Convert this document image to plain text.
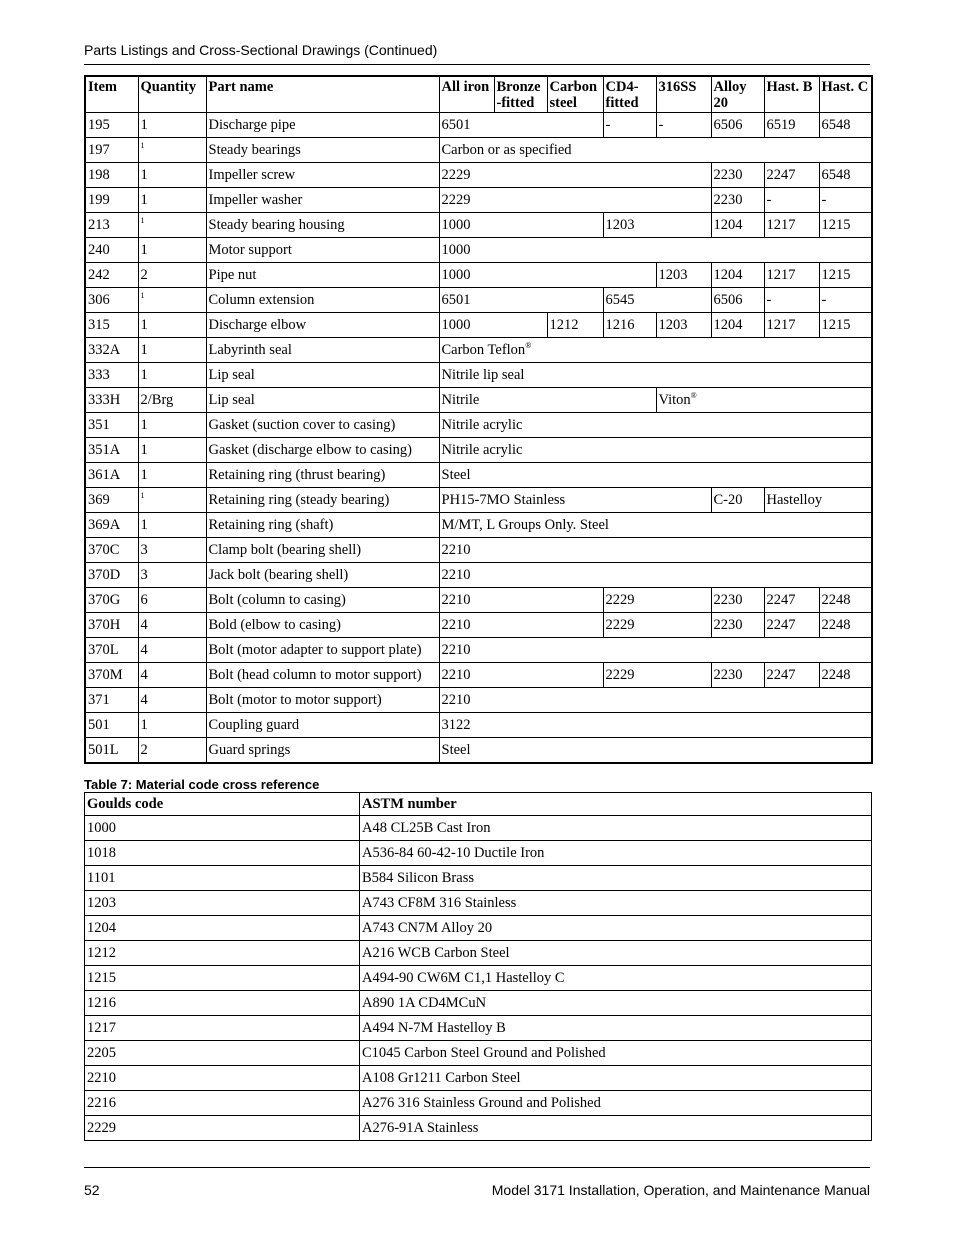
Parts Listings and Cross-Sectional Drawings (Continued)
Item	Quantity	Part name	All iron	Bronze -fitted	Carbon steel	CD4- fitted	316SS	Alloy 20	Hast. B	Hast. C
195	1	Discharge pipe	6501			-	-	6506	6519	6548
197	$^1$	Steady bearings	Carbon or as specified							
198	1	Impeller screw	2229					2230	2247	6548
199	1	Impeller washer	2229					2230	-	-
213	$^1$	Steady bearing housing	1000			1203		1204	1217	1215
240	1	Motor support	1000							
242	2	Pipe nut	1000				1203	1204	1217	1215
306	$^1$	Column extension	6501			6545		6506	-	-
315	1	Discharge elbow	1000		1212	1216	1203	1204	1217	1215
332A	1	Labyrinth seal	Carbon Teflon®
333	1	Lip seal	Nitrile lip seal							
333H	2/Brg	Lip seal	Nitrile				Viton®
351	1	Gasket (suction cover to casing)	Nitrile acrylic							
351A	1	Gasket (discharge elbow to casing)	Nitrile acrylic							
361A	1	Retaining ring (thrust bearing)	Steel							
369	$^1$	Retaining ring (steady bearing)	PH15-7MO Stainless					C-20	Hastelloy	
369A	1	Retaining ring (shaft)	M/MT, L Groups Only. Steel							
370C	3	Clamp bolt (bearing shell)	2210							
370D	3	Jack bolt (bearing shell)	2210							
370G	6	Bolt (column to casing)	2210			2229		2230	2247	2248
370H	4	Bold (elbow to casing)	2210			2229		2230	2247	2248
370L	4	Bolt (motor adapter to support plate)	2210							
370M	4	Bolt (head column to motor support)	2210			2229		2230	2247	2248
371	4	Bolt (motor to motor support)	2210							
501	1	Coupling guard	3122							
501L	2	Guard springs	Steel							
Table 7: Material code cross reference
Goulds code	ASTM number
1000	A48 CL25B Cast Iron
1018	A536-84 60-42-10 Ductile Iron
1101	B584 Silicon Brass
1203	A743 CF8M 316 Stainless
1204	A743 CN7M Alloy 20
1212	A216 WCB Carbon Steel
1215	A494-90 CW6M C1,1 Hastelloy C
1216	A890 1A CD4MCuN
1217	A494 N-7M Hastelloy B
2205	C1045 Carbon Steel Ground and Polished
2210	A108 Gr1211 Carbon Steel
2216	A276 316 Stainless Ground and Polished
2229	A276-91A Stainless
52	Model 3171 Installation, Operation, and Maintenance Manual
